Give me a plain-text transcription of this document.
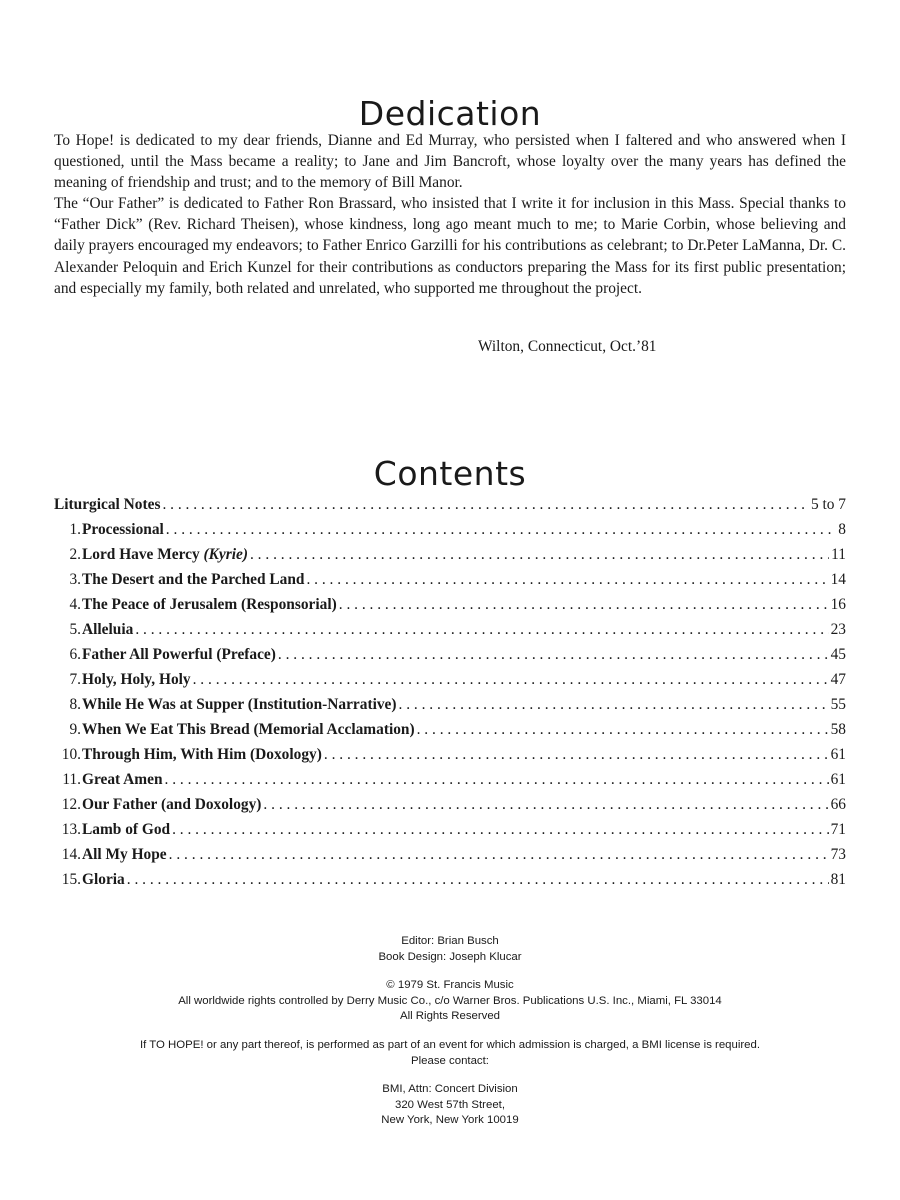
Dedication

To Hope! is dedicated to my dear friends, Dianne and Ed Murray, who persisted when I faltered and who answered when I questioned, until the Mass became a reality; to Jane and Jim Bancroft, whose loyalty over the many years has defined the meaning of friendship and trust; and to the memory of Bill Manor.

The “Our Father” is dedicated to Father Ron Brassard, who insisted that I write it for inclusion in this Mass. Special thanks to “Father Dick” (Rev. Richard Theisen), whose kindness, long ago meant much to me; to Marie Corbin, whose believing and daily prayers encouraged my endeavors; to Father Enrico Garzilli for his contributions as celebrant; to Dr.Peter LaManna, Dr. C. Alexander Peloquin and Erich Kunzel for their contributions as conductors preparing the Mass for its first public presentation; and especially my family, both related and unrelated, who supported me throughout the project.

Wilton, Connecticut, Oct.’81
Contents
Liturgical Notes . . .	5 to 7
1. Processional . . .	8
2. Lord Have Mercy (Kyrie) . . .	11
3. The Desert and the Parched Land . . .	14
4. The Peace of Jerusalem (Responsorial) . . .	16
5. Alleluia . . .	23
6. Father All Powerful (Preface) . . .	45
7. Holy, Holy, Holy . . .	47
8. While He Was at Supper (Institution-Narrative) . . .	55
9. When We Eat This Bread (Memorial Acclamation) . . .	58
10. Through Him, With Him (Doxology) . . .	61
11. Great Amen . . .	61
12. Our Father (and Doxology) . . .	66
13. Lamb of God . . .	71
14. All My Hope . . .	73
15. Gloria . . .	81
Editor: Brian Busch
Book Design: Joseph Klucar
© 1979 St. Francis Music
All worldwide rights controlled by Derry Music Co., c/o Warner Bros. Publications U.S. Inc., Miami, FL 33014
All Rights Reserved
If TO HOPE! or any part thereof, is performed as part of an event for which admission is charged, a BMI license is required.
Please contact:
BMI, Attn: Concert Division
320 West 57th Street,
New York, New York 10019
